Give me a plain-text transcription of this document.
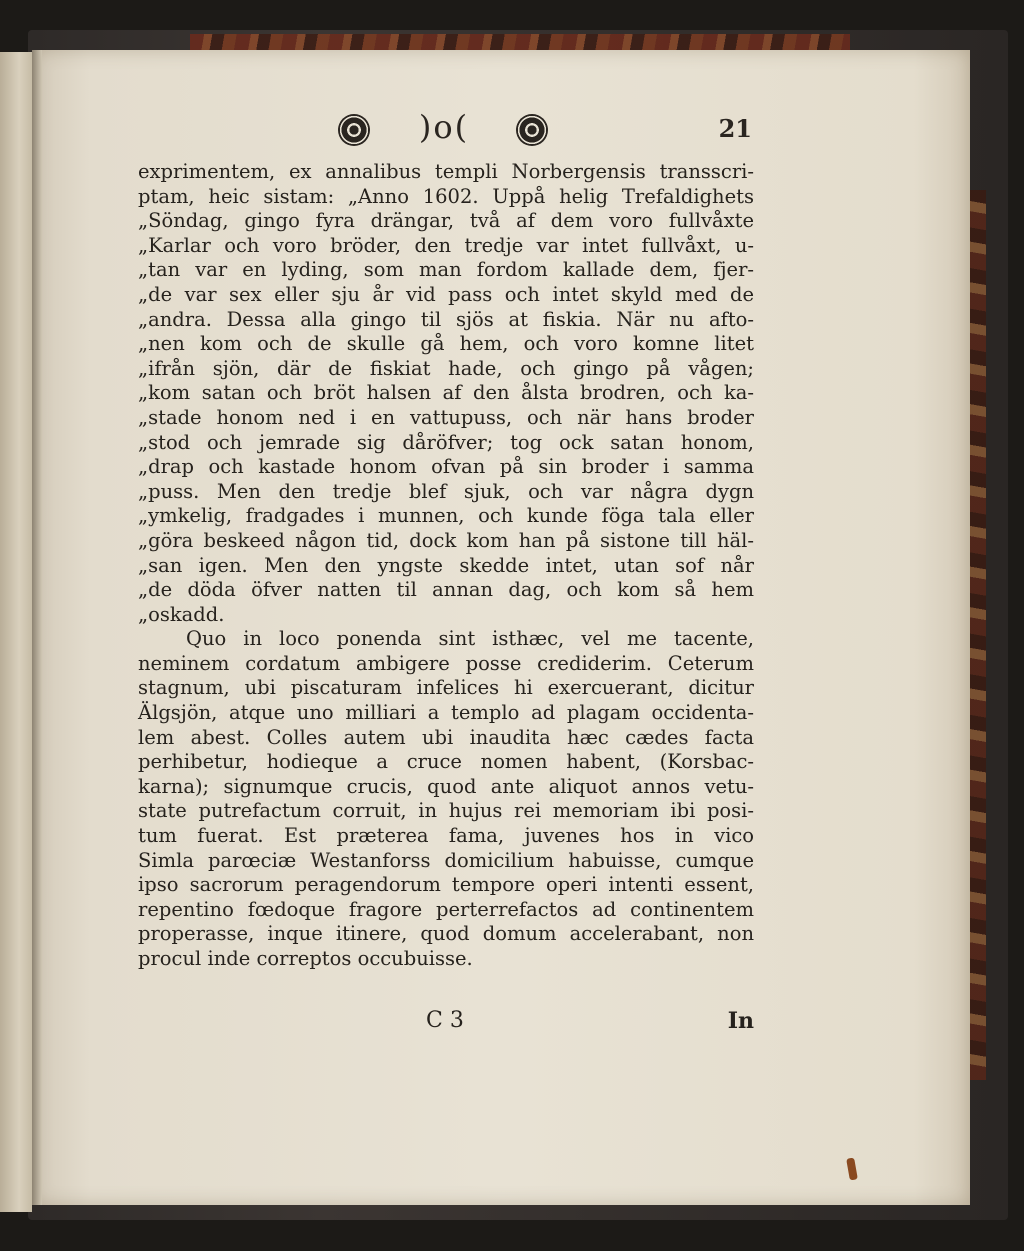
)o(	21
exprimentem, ex annalibus templi Norbergensis transscri-
ptam, heic sistam: „Anno 1602. Uppå helig Trefaldighets
„Söndag, gingo fyra drängar, två af dem voro fullvåxte
„Karlar och voro bröder, den tredje var intet fullvåxt, u-
„tan var en lyding, som man fordom kallade dem, fjer-
„de var sex eller sju år vid pass och intet skyld med de
„andra. Dessa alla gingo til sjös at fiskia. När nu afto-
„nen kom och de skulle gå hem, och voro komne litet
„ifrån sjön, där de fiskiat hade, och gingo på vågen;
„kom satan och bröt halsen af den ålsta brodren, och ka-
„stade honom ned i en vattupuss, och när hans broder
„stod och jemrade sig dåröfver; tog ock satan honom,
„drap och kastade honom ofvan på sin broder i samma
„puss. Men den tredje blef sjuk, och var några dygn
„ymkelig, fradgades i munnen, och kunde föga tala eller
„göra beskeed någon tid, dock kom han på sistone till häl-
„san igen. Men den yngste skedde intet, utan sof når
„de döda öfver natten til annan dag, och kom så hem
„oskadd.
Quo in loco ponenda sint isthæc, vel me tacente,
neminem cordatum ambigere posse crediderim. Ceterum
stagnum, ubi piscaturam infelices hi exercuerant, dicitur
Älgsjön, atque uno milliari a templo ad plagam occidenta-
lem abest. Colles autem ubi inaudita hæc cædes facta
perhibetur, hodieque a cruce nomen habent, (Korsbac-
karna); signumque crucis, quod ante aliquot annos vetu-
state putrefactum corruit, in hujus rei memoriam ibi posi-
tum fuerat. Est præterea fama, juvenes hos in vico
Simla parœciæ Westanforss domicilium habuisse, cumque
ipso sacrorum peragendorum tempore operi intenti essent,
repentino fœdoque fragore perterrefactos ad continentem
properasse, inque itinere, quod domum accelerabant, non
procul inde correptos occubuisse.
C 3	In
